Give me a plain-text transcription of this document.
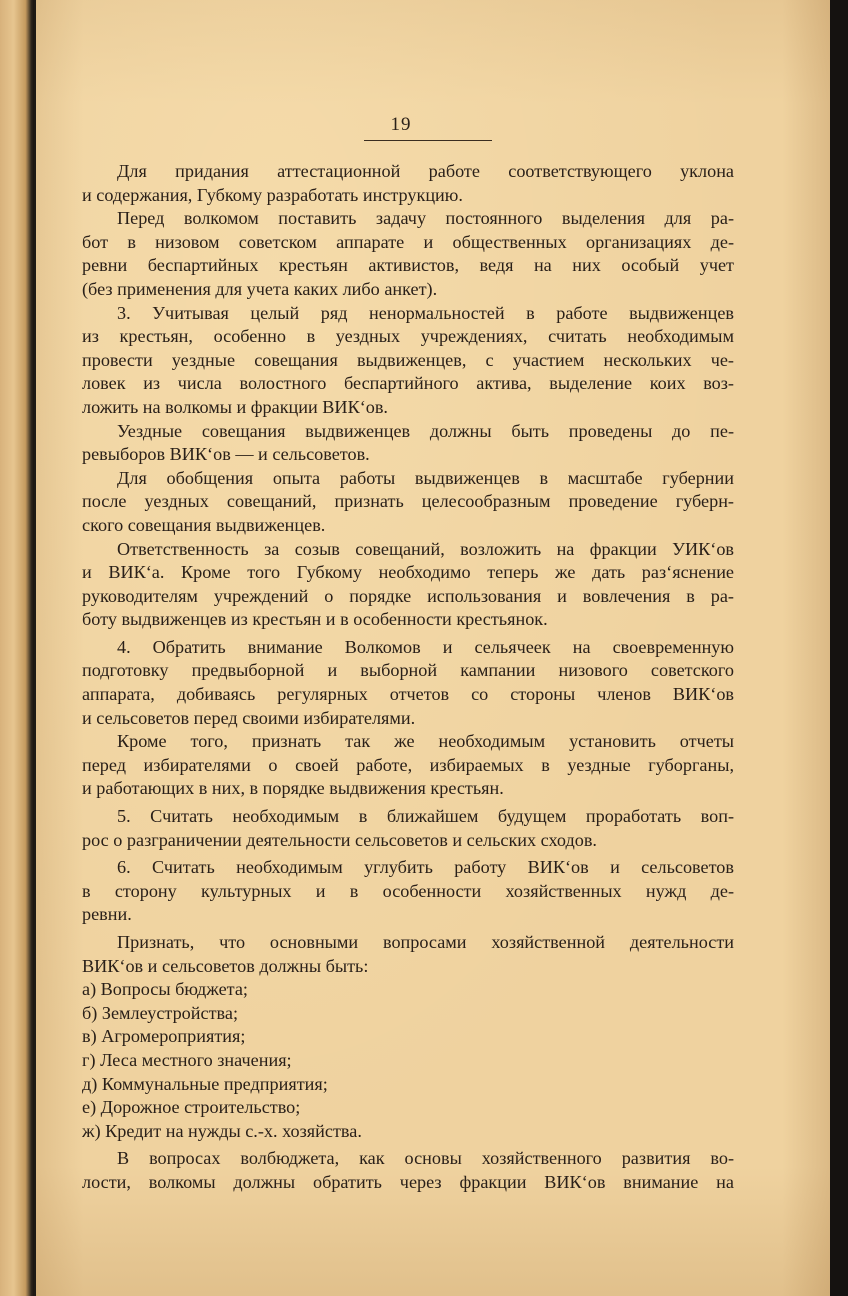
19
Для придания аттестационной работе соответствующего уклона
и содержания, Губкому разработать инструкцию.
Перед волкомом поставить задачу постоянного выделения для ра-
бот в низовом советском аппарате и общественных организациях де-
ревни беспартийных крестьян активистов, ведя на них особый учет
(без применения для учета каких либо анкет).
3. Учитывая целый ряд ненормальностей в работе выдвиженцев
из крестьян, особенно в уездных учреждениях, считать необходимым
провести уездные совещания выдвиженцев, с участием нескольких че-
ловек из числа волостного беспартийного актива, выделение коих воз-
ложить на волкомы и фракции ВИК‘ов.
Уездные совещания выдвиженцев должны быть проведены до пе-
ревыборов ВИК‘ов — и сельсоветов.
Для обобщения опыта работы выдвиженцев в масштабе губернии
после уездных совещаний, признать целесообразным проведение губерн-
ского совещания выдвиженцев.
Ответственность за созыв совещаний, возложить на фракции УИК‘ов
и ВИК‘а. Кроме того Губкому необходимо теперь же дать раз‘яснение
руководителям учреждений о порядке использования и вовлечения в ра-
боту выдвиженцев из крестьян и в особенности крестьянок.
4. Обратить внимание Волкомов и сельячеек на своевременную
подготовку предвыборной и выборной кампании низового советского
аппарата, добиваясь регулярных отчетов со стороны членов ВИК‘ов
и сельсоветов перед своими избирателями.
Кроме того, признать так же необходимым установить отчеты
перед избирателями о своей работе, избираемых в уездные губорганы,
и работающих в них, в порядке выдвижения крестьян.
5. Считать необходимым в ближайшем будущем проработать воп-
рос о разграничении деятельности сельсоветов и сельских сходов.
6. Считать необходимым углубить работу ВИК‘ов и сельсоветов
в сторону культурных и в особенности хозяйственных нужд де-
ревни.
Признать, что основными вопросами хозяйственной деятельности
ВИК‘ов и сельсоветов должны быть:
а) Вопросы бюджета;
б) Землеустройства;
в) Агромероприятия;
г) Леса местного значения;
д) Коммунальные предприятия;
е) Дорожное строительство;
ж) Кредит на нужды с.-х. хозяйства.
В вопросах волбюджета, как основы хозяйственного развития во-
лости, волкомы должны обратить через фракции ВИК‘ов внимание на
